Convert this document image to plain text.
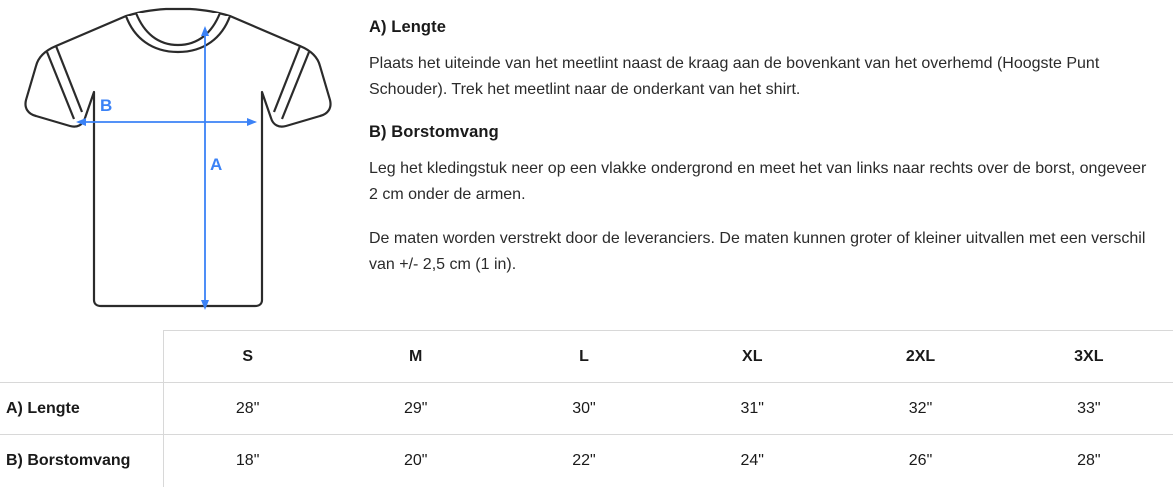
B
A
A) Lengte

Plaats het uiteinde van het meetlint naast de kraag aan de bovenkant van het overhemd (Hoogste Punt Schouder). Trek het meetlint naar de onderkant van het shirt.

B) Borstomvang

Leg het kledingstuk neer op een vlakke ondergrond en meet het van links naar rechts over de borst, ongeveer 2 cm onder de armen.

De maten worden verstrekt door de leveranciers. De maten kunnen groter of kleiner uitvallen met een verschil van +/- 2,5 cm (1 in).

	S	M	L	XL	2XL	3XL
A) Lengte	28"	29"	30"	31"	32"	33"
B) Borstomvang	18"	20"	22"	24"	26"	28"
